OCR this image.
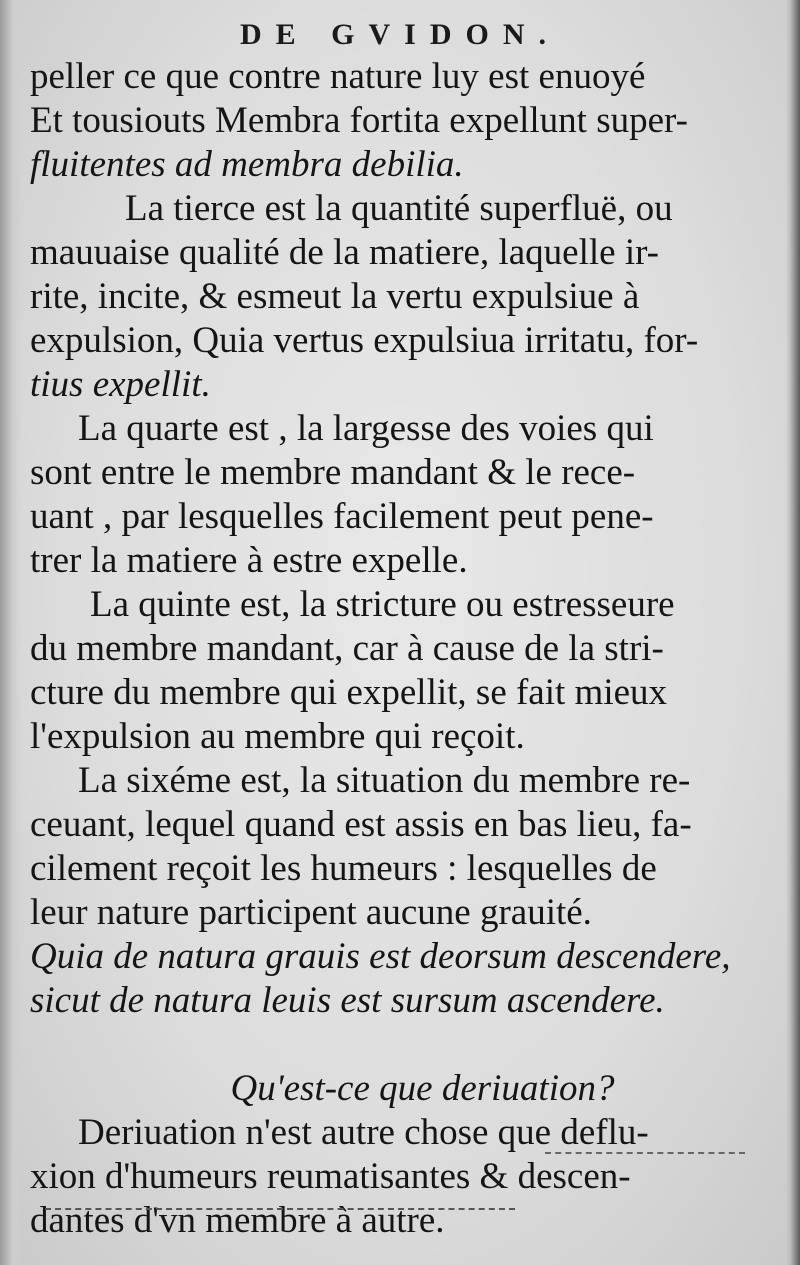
DE GVIDON.
peller ce que contre nature luy est enuoyé
Et tousiouts Membra fortita expellunt super-
fluitentes ad membra debilia.
La tierce est la quantité superfluë, ou
mauuaise qualité de la matiere, laquelle ir-
rite, incite, & esmeut la vertu expulsiue à
expulsion, Quia vertus expulsiua irritatu, for-
tius expellit.
La quarte est , la largesse des voies qui
sont entre le membre mandant & le rece-
uant , par lesquelles facilement peut pene-
trer la matiere à estre expelle.
La quinte est, la stricture ou estresseure
du membre mandant, car à cause de la stri-
cture du membre qui expellit, se fait mieux
l'expulsion au membre qui reçoit.
La sixéme est, la situation du membre re-
ceuant, lequel quand est assis en bas lieu, fa-
cilement reçoit les humeurs : lesquelles de
leur nature participent aucune grauité.
Quia de natura grauis est deorsum descendere,
sicut de natura leuis est sursum ascendere.
Qu'est-ce que deriuation?
Deriuation n'est autre chose que deflu-
xion d'humeurs reumatisantes & descen-
dantes d'vn membre à autre.
